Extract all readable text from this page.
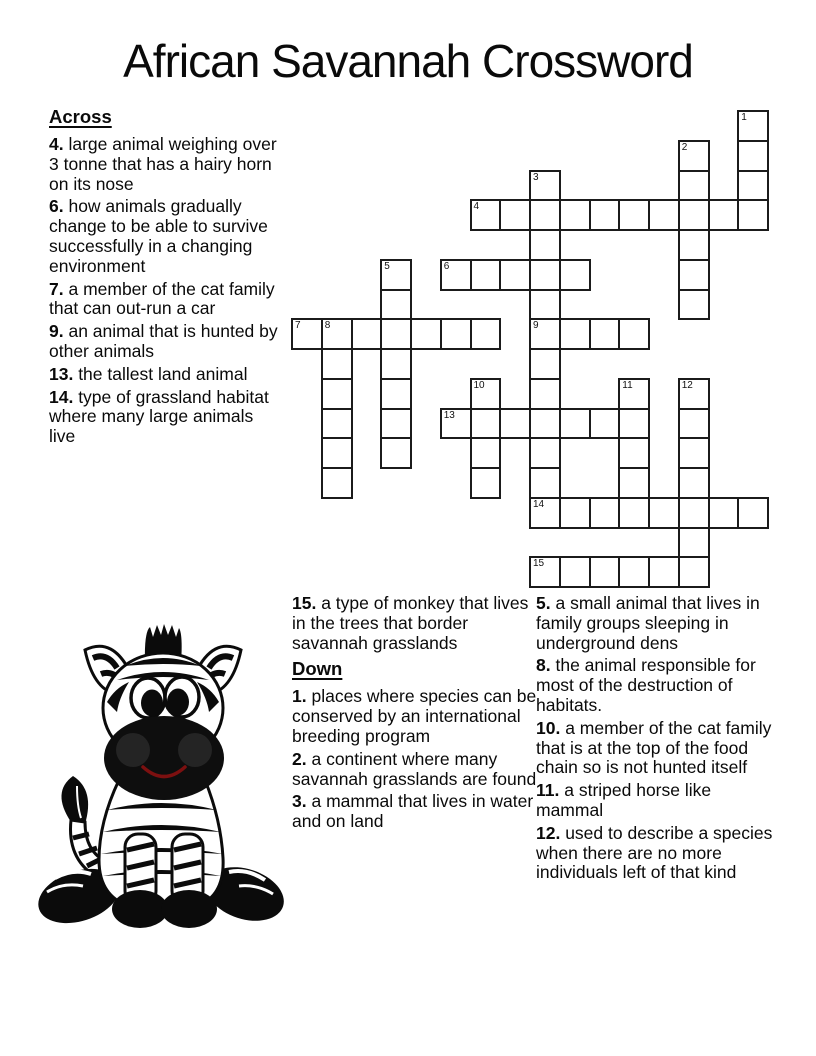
African Savannah Crossword
Across

4. large animal weighing over 3 tonne that has a hairy horn on its nose

6. how animals gradually change to be able to survive successfully in a changing environment

7. a member of the cat family that can out-run a car

9. an animal that is hunted by other animals

13. the tallest land animal

14. type of grassland habitat where many large animals live

4
6
7 8	9
13
14
15
1
2
3
5
10	11	12

15. a type of monkey that lives in the trees that border savannah grasslands

Down

1. places where species can be conserved by an international breeding program

2. a continent where many savannah grasslands are found

3. a mammal that lives in water and on land

5. a small animal that lives in family groups sleeping in underground dens

8. the animal responsible for most of the destruction of habitats.

10. a member of the cat family that is at the top of the food chain so is not hunted itself

11. a striped horse like mammal

12. used to describe a species when there are no more individuals left of that kind
